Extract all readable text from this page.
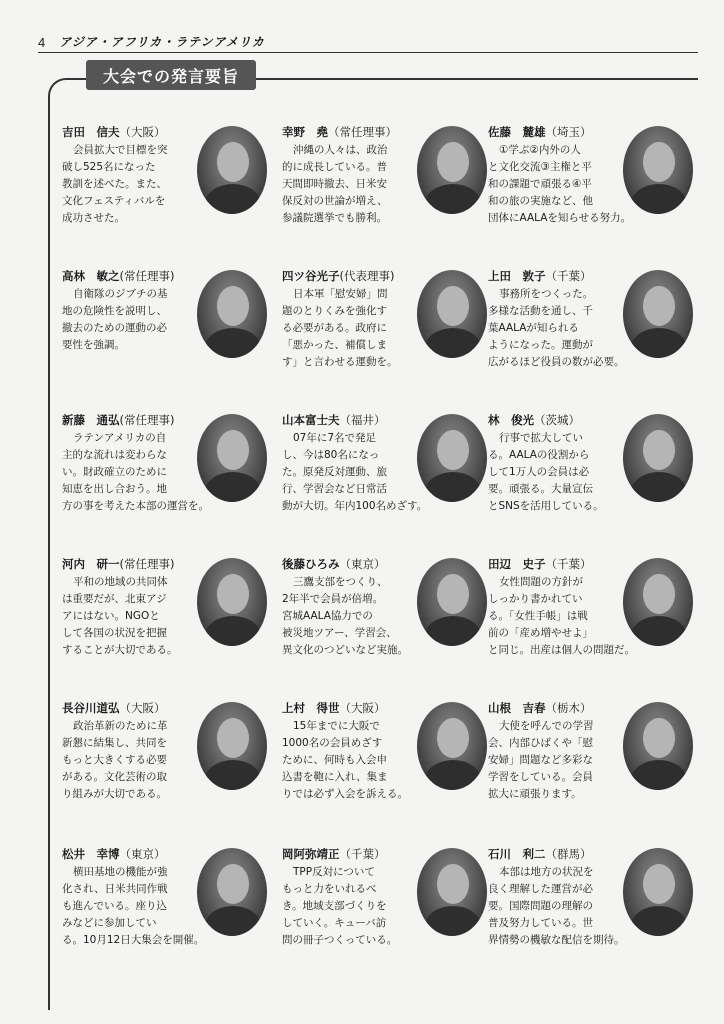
4 アジア・アフリカ・ラテンアメリカ
大会での発言要旨
吉田　信夫（大阪）
会員拡大で目標を突
破し525名になった
教訓を述べた。また、
文化フェスティバルを
成功させた。
幸野　堯（常任理事）
沖縄の人々は、政治
的に成長している。普
天間即時撤去、日米安
保反対の世論が増え、
参議院選挙でも勝利。
佐藤　麓雄（埼玉）
①学ぶ②内外の人
と文化交流③主権と平
和の課題で頑張る④平
和の旅の実施など、他
団体にAALAを知らせる努力。
高林　敏之(常任理事)
自衛隊のジブチの基
地の危険性を説明し、
撤去のための運動の必
要性を強調。
四ツ谷光子(代表理事)
日本軍「慰安婦」問
題のとりくみを強化す
る必要がある。政府に
「悪かった、補償しま
す」と言わせる運動を。
上田　敦子（千葉）
事務所をつくった。
多様な活動を通し、千
葉AALAが知られる
ようになった。運動が
広がるほど役員の数が必要。
新藤　通弘(常任理事)
ラテンアメリカの自
主的な流れは変わらな
い。財政確立のために
知恵を出し合おう。地
方の事を考えた本部の運営を。
山本富士夫（福井）
07年に7名で発足
し、今は80名になっ
た。原発反対運動、旅
行、学習会など日常活
動が大切。年内100名めざす。
林　俊光（茨城）
行事で拡大してい
る。AALAの役割から
して1万人の会員は必
要。頑張る。大量宣伝
とSNSを活用している。
河内　研一(常任理事)
平和の地域の共同体
は重要だが、北東アジ
アにはない。NGOと
して各国の状況を把握
することが大切である。
後藤ひろみ（東京）
三鷹支部をつくり、
2年半で会員が倍増。
宮城AALA協力での
被災地ツアー、学習会、
異文化のつどいなど実施。
田辺　史子（千葉）
女性問題の方針が
しっかり書かれてい
る。「女性手帳」は戦
前の「産め増やせよ」
と同じ。出産は個人の問題だ。
長谷川道弘（大阪）
政治革新のために革
新懇に結集し、共同を
もっと大きくする必要
がある。文化芸術の取
り組みが大切である。
上村　得世（大阪）
15年までに大阪で
1000名の会員めざす
ために、何時も入会申
込書を鞄に入れ、集ま
りでは必ず入会を訴える。
山根　吉春（栃木）
大使を呼んでの学習
会、内部ひばくや「慰
安婦」問題など多彩な
学習をしている。会員
拡大に頑張ります。
松井　幸博（東京）
横田基地の機能が強
化され、日米共同作戦
も進んでいる。座り込
みなどに参加してい
る。10月12日大集会を開催。
岡阿弥靖正（千葉）
TPP反対について
もっと力をいれるべ
き。地域支部づくりを
していく。キューバ訪
問の冊子つくっている。
石川　利二（群馬）
本部は地方の状況を
良く理解した運営が必
要。国際問題の理解の
普及努力している。世
界情勢の機敏な配信を期待。
